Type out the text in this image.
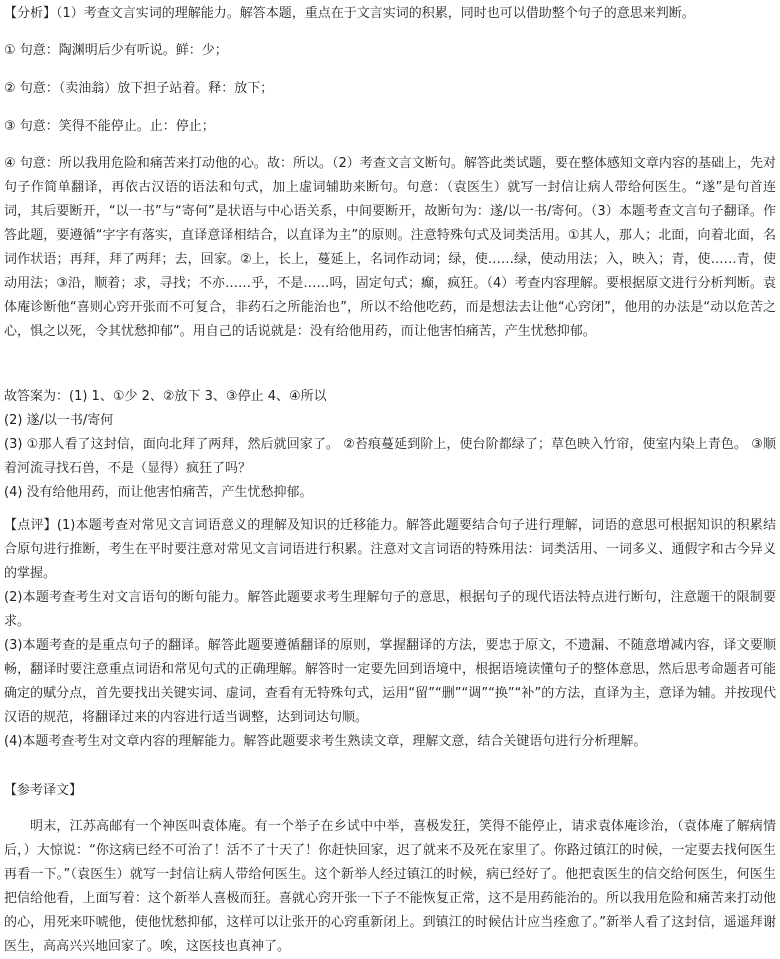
【分析】（1）考查文言实词的理解能力。解答本题，重点在于文言实词的积累，同时也可以借助整个句子的意思来判断。

① 句意：陶渊明后少有听说。鲜：少；

② 句意：（卖油翁）放下担子站着。释：放下；

③ 句意：笑得不能停止。止：停止；

④ 句意：所以我用危险和痛苦来打动他的心。故：所以。（2）考查文言文断句。解答此类试题，要在整体感知文章内容的基础上，先对句子作简单翻译，再依古汉语的语法和句式，加上虚词辅助来断句。句意：（袁医生）就写一封信让病人带给何医生。“遂”是句首连词，其后要断开，“以一书”与“寄何”是状语与中心语关系，中间要断开，故断句为：遂/以一书/寄何。（3）本题考查文言句子翻译。作答此题，要遵循“字字有落实，直译意译相结合，以直译为主”的原则。注意特殊句式及词类活用。①其人，那人；北面，向着北面，名词作状语；再拜，拜了两拜；去，回家。②上，长上，蔓延上，名词作动词；绿，使……绿，使动用法；入，映入；青，使……青，使动用法；③沿，顺着；求，寻找；不亦……乎，不是……吗，固定句式；癫，疯狂。（4）考查内容理解。要根据原文进行分析判断。袁体庵诊断他“喜则心窍开张而不可复合，非药石之所能治也”，所以不给他吃药，而是想法去让他“心窍闭”，他用的办法是“动以危苦之心，惧之以死，令其忧愁抑郁”。用自己的话说就是：没有给他用药，而让他害怕痛苦，产生忧愁抑郁。

故答案为：(1) 1、①少 2、②放下 3、③停止 4、④所以
(2) 遂/以一书/寄何
(3) ①那人看了这封信，面向北拜了两拜，然后就回家了。 ②苔痕蔓延到阶上，使台阶都绿了；草色映入竹帘，使室内染上青色。 ③顺着河流寻找石兽，不是（显得）疯狂了吗？
(4) 没有给他用药，而让他害怕痛苦，产生忧愁抑郁。
【点评】(1)本题考查对常见文言词语意义的理解及知识的迁移能力。解答此题要结合句子进行理解，词语的意思可根据知识的积累结合原句进行推断，考生在平时要注意对常见文言词语进行积累。注意对文言词语的特殊用法：词类活用、一词多义、通假字和古今异义的掌握。
(2)本题考查考生对文言语句的断句能力。解答此题要求考生理解句子的意思，根据句子的现代语法特点进行断句，注意题干的限制要求。
(3)本题考查的是重点句子的翻译。解答此题要遵循翻译的原则，掌握翻译的方法，要忠于原文，不遗漏、不随意增减内容，译文要顺畅，翻译时要注意重点词语和常见句式的正确理解。解答时一定要先回到语境中，根据语境读懂句子的整体意思，然后思考命题者可能确定的赋分点，首先要找出关键实词、虚词，查看有无特殊句式，运用“留”“删”“调”“换”“补”的方法，直译为主，意译为辅。并按现代汉语的规范，将翻译过来的内容进行适当调整，达到词达句顺。
(4)本题考查考生对文章内容的理解能力。解答此题要求考生熟读文章，理解文意，结合关键语句进行分析理解。

【参考译文】

明末，江苏高邮有一个神医叫袁体庵。有一个举子在乡试中中举，喜极发狂，笑得不能停止，请求袁体庵诊治，（袁体庵了解病情后，）大惊说：“你这病已经不可治了！活不了十天了！你赶快回家，迟了就来不及死在家里了。你路过镇江的时候，一定要去找何医生再看一下。”（袁医生）就写一封信让病人带给何医生。这个新举人经过镇江的时候，病已经好了。他把袁医生的信交给何医生，何医生把信给他看，上面写着：这个新举人喜极而狂。喜就心窍开张一下子不能恢复正常，这不是用药能治的。所以我用危险和痛苦来打动他的心，用死来吓唬他，使他忧愁抑郁，这样可以让张开的心窍重新闭上。到镇江的时候估计应当痊愈了。”新举人看了这封信，遥遥拜谢医生，高高兴兴地回家了。唉，这医技也真神了。
